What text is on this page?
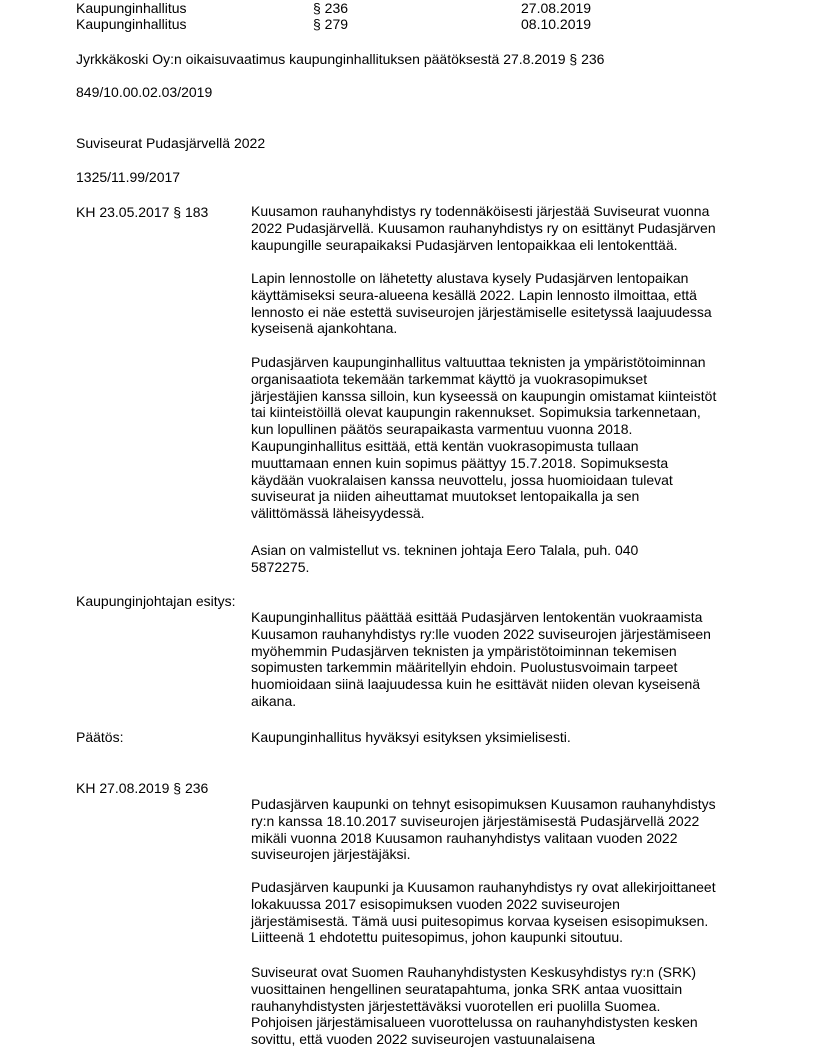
Kaupunginhallitus	§ 236	27.08.2019
Kaupunginhallitus	§ 279	08.10.2019
Jyrkkäkoski Oy:n oikaisuvaatimus kaupunginhallituksen päätöksestä 27.8.2019 § 236
849/10.00.02.03/2019
Suviseurat Pudasjärvellä 2022
1325/11.99/2017
KH 23.05.2017 § 183	Kuusamon rauhanyhdistys ry todennäköisesti järjestää Suviseurat vuonna
2022 Pudasjärvellä. Kuusamon rauhanyhdistys ry on esittänyt Pudasjärven
kaupungille seurapaikaksi Pudasjärven lentopaikkaa eli lentokenttää.

Lapin lennostolle on lähetetty alustava kysely Pudasjärven lentopaikan
käyttämiseksi seura-alueena kesällä 2022. Lapin lennosto ilmoittaa, että
lennosto ei näe estettä suviseurojen järjestämiselle esitetyssä laajuudessa
kyseisenä ajankohtana.

Pudasjärven kaupunginhallitus valtuuttaa teknisten ja ympäristötoiminnan
organisaatiota tekemään tarkemmat käyttö ja vuokrasopimukset
järjestäjien kanssa silloin, kun kyseessä on kaupungin omistamat kiinteistöt
tai kiinteistöillä olevat kaupungin rakennukset. Sopimuksia tarkennetaan,
kun lopullinen päätös seurapaikasta varmentuu vuonna 2018.
Kaupunginhallitus esittää, että kentän vuokrasopimusta tullaan
muuttamaan ennen kuin sopimus päättyy 15.7.2018. Sopimuksesta
käydään vuokralaisen kanssa neuvottelu, jossa huomioidaan tulevat
suviseurat ja niiden aiheuttamat muutokset lentopaikalla ja sen
välittömässä läheisyydessä.

Asian on valmistellut vs. tekninen johtaja Eero Talala, puh. 040
5872275.

Kaupunginjohtajan esitys:

Kaupunginhallitus päättää esittää Pudasjärven lentokentän vuokraamista
Kuusamon rauhanyhdistys ry:lle vuoden 2022 suviseurojen järjestämiseen
myöhemmin Pudasjärven teknisten ja ympäristötoiminnan tekemisen
sopimusten tarkemmin määritellyin ehdoin. Puolustusvoimain tarpeet
huomioidaan siinä laajuudessa kuin he esittävät niiden olevan kyseisenä
aikana.

Päätös:	Kaupunginhallitus hyväksyi esityksen yksimielisesti.
KH 27.08.2019 § 236

Pudasjärven kaupunki on tehnyt esisopimuksen Kuusamon rauhanyhdistys
ry:n kanssa 18.10.2017 suviseurojen järjestämisestä Pudasjärvellä 2022
mikäli vuonna 2018 Kuusamon rauhanyhdistys valitaan vuoden 2022
suviseurojen järjestäjäksi.

Pudasjärven kaupunki ja Kuusamon rauhanyhdistys ry ovat allekirjoittaneet
lokakuussa 2017 esisopimuksen vuoden 2022 suviseurojen
järjestämisestä. Tämä uusi puitesopimus korvaa kyseisen esisopimuksen.
Liitteenä 1 ehdotettu puitesopimus, johon kaupunki sitoutuu.

Suviseurat ovat Suomen Rauhanyhdistysten Keskusyhdistys ry:n (SRK)
vuosittainen hengellinen seuratapahtuma, jonka SRK antaa vuosittain
rauhanyhdistysten järjestettäväksi vuorotellen eri puolilla Suomea.
Pohjoisen järjestämisalueen vuorottelussa on rauhanyhdistysten kesken
sovittu, että vuoden 2022 suviseurojen vastuunalaisena
